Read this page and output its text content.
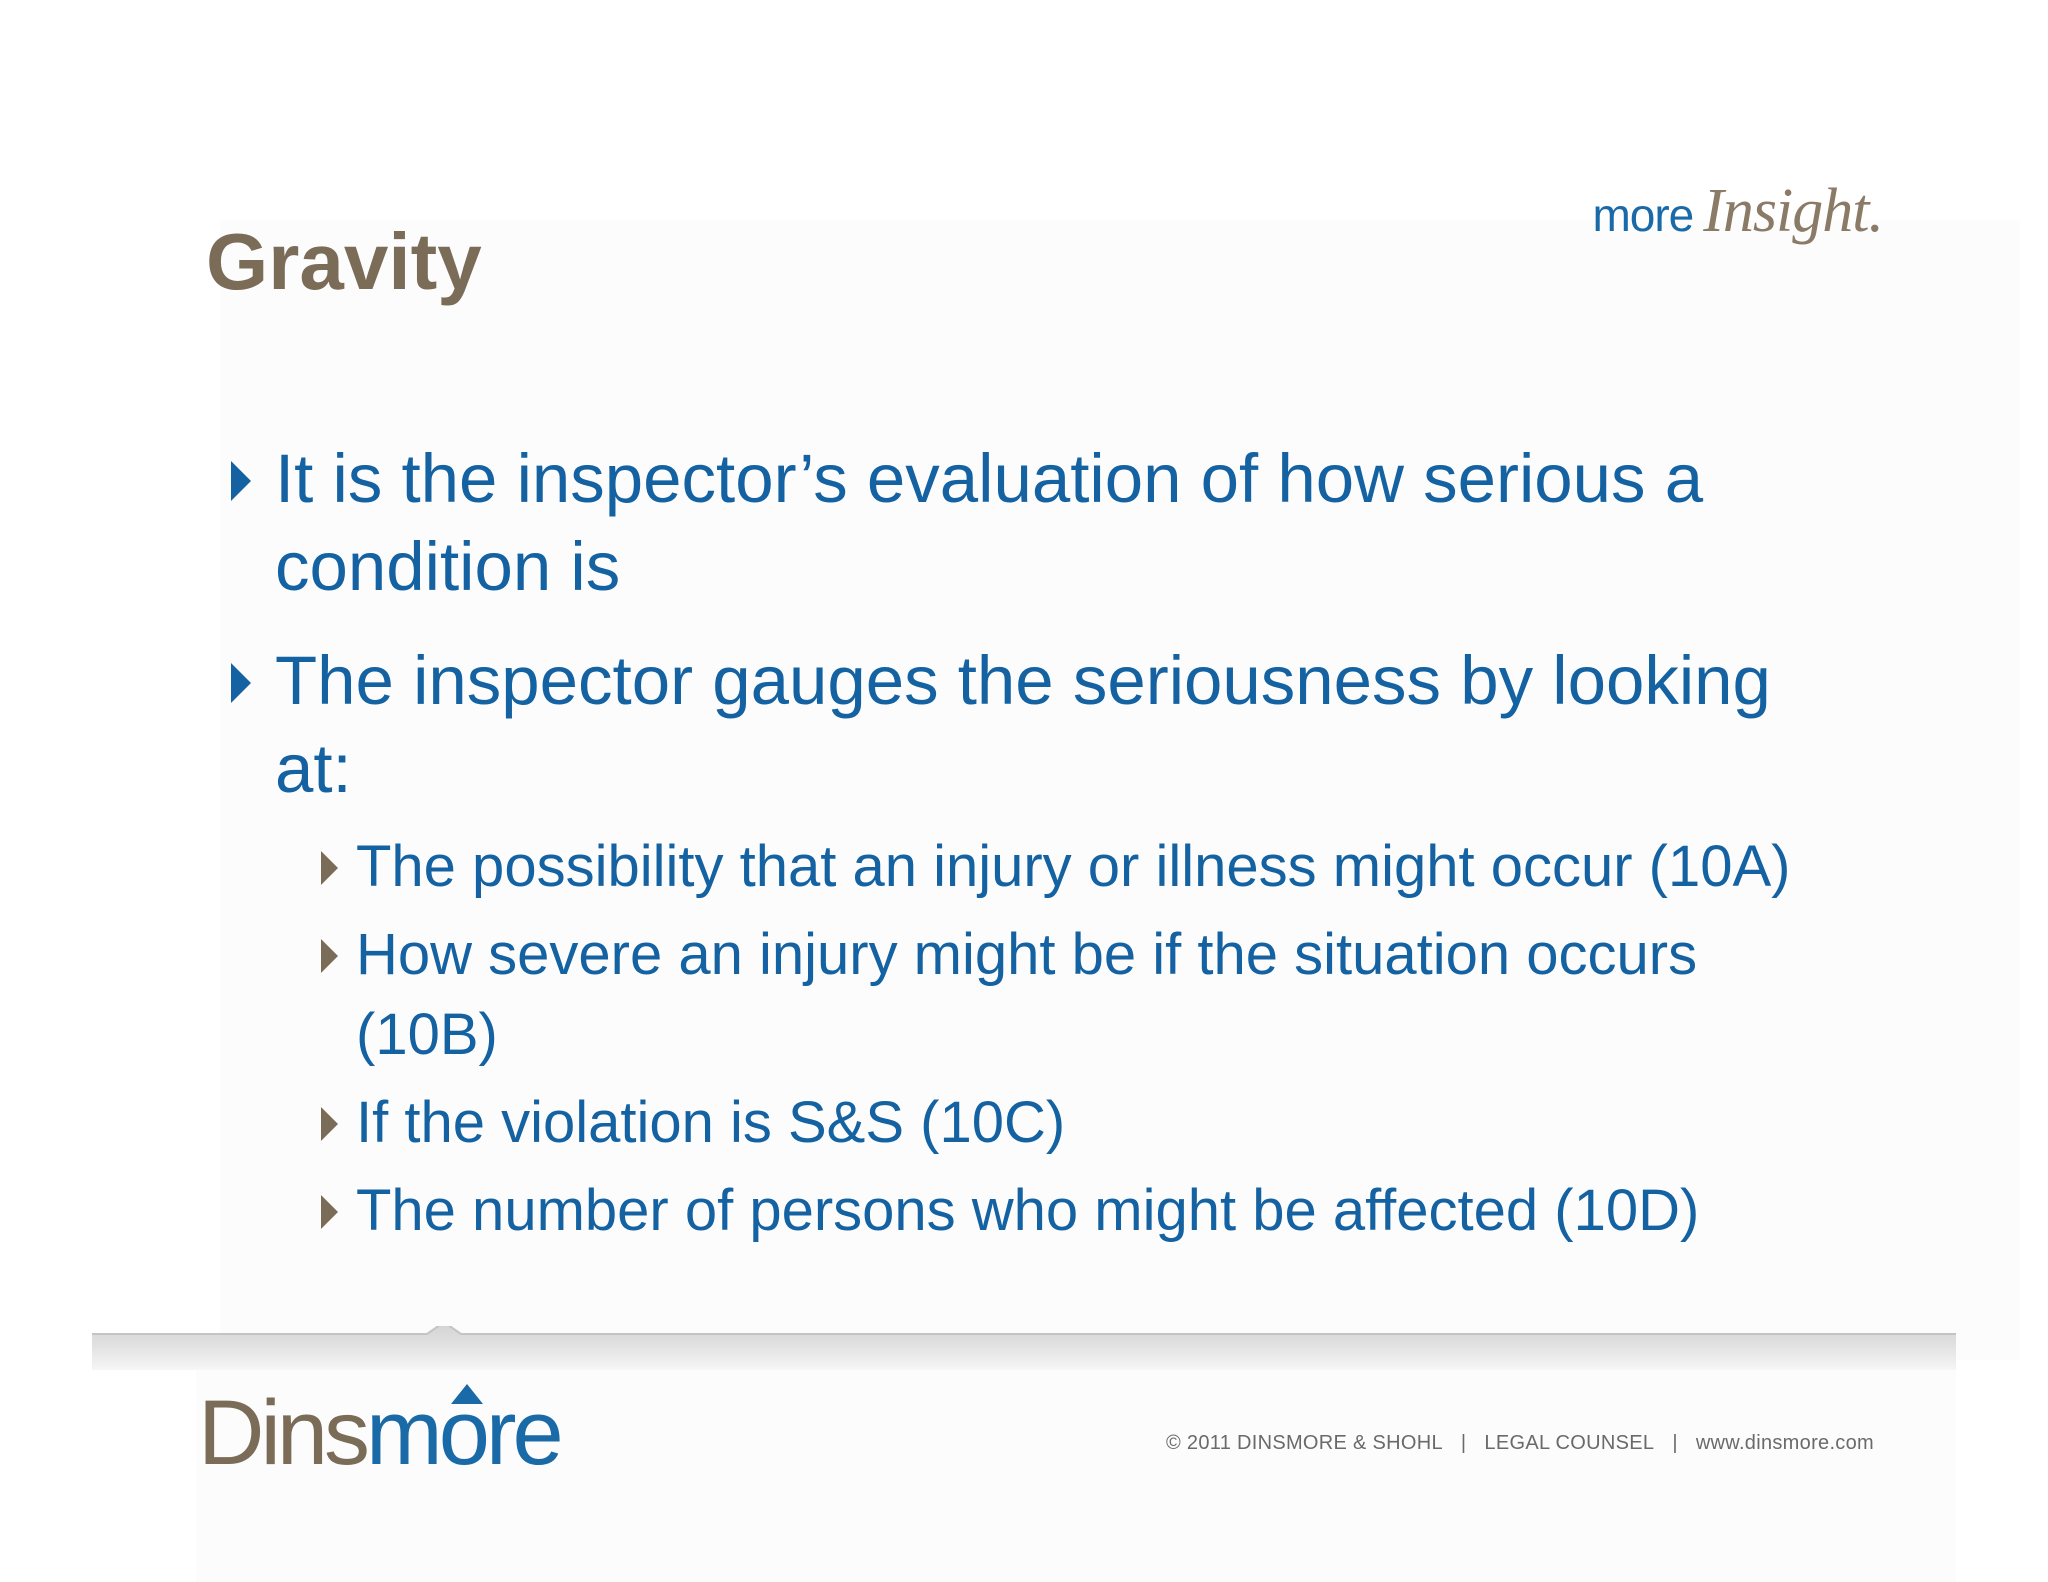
Gravity
more Insight.
It is the inspector’s evaluation of how serious a condition is
The inspector gauges the seriousness by looking at:
The possibility that an injury or illness might occur (10A)
How severe an injury might be if the situation occurs (10B)
If the violation is S&S (10C)
The number of persons who might be affected (10D)
Dinsm
ore	© 2011 DINSMORE & SHOHL | LEGAL COUNSEL | www.dinsmore.com
